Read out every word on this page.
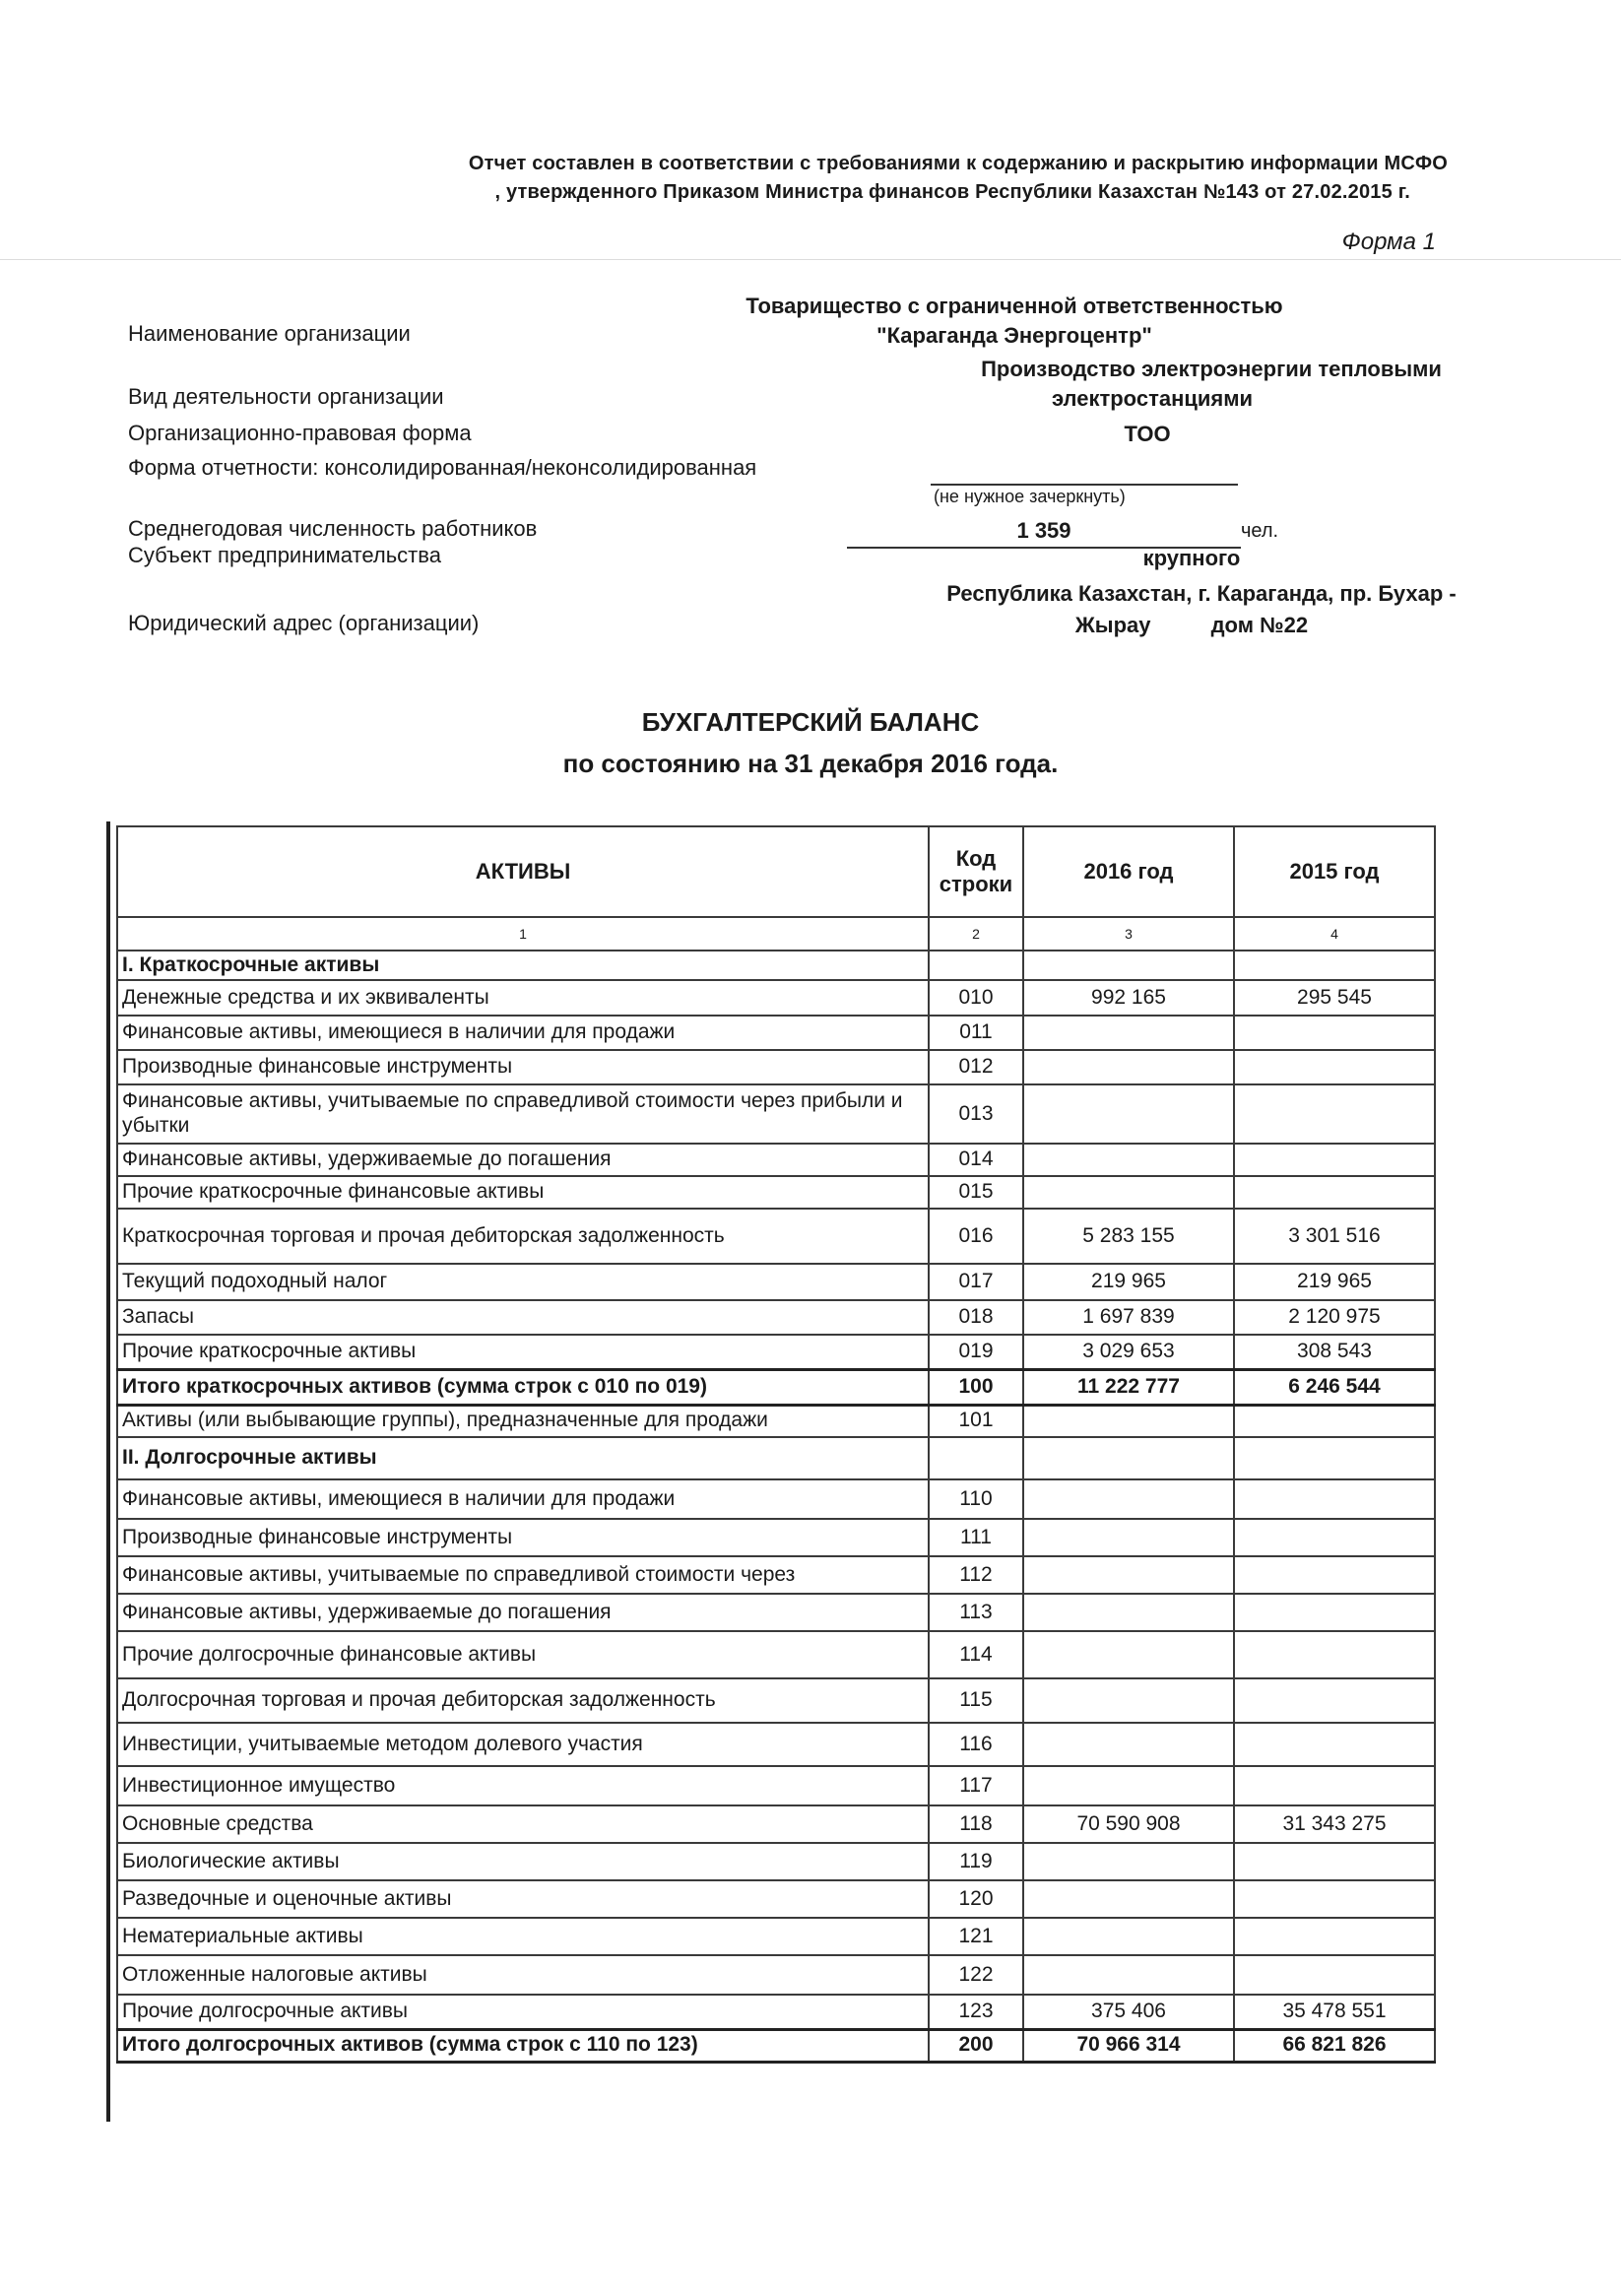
Отчет составлен в соответствии с требованиями к содержанию и раскрытию информации МСФО
, утвержденного Приказом Министра финансов Республики Казахстан №143 от 27.02.2015 г.
Форма 1
Товарищество с ограниченной ответственностью
Наименование организации	"Караганда Энергоцентр"
Производство электроэнергии тепловыми
Вид деятельности организации	электростанциями
Организационно-правовая форма	ТОО
Форма отчетности: консолидированная/неконсолидированная
(не нужное зачеркнуть)
Среднегодовая численность работников	1 359	чел.
Субъект предпринимательства	крупного
Республика Казахстан, г. Караганда, пр. Бухар -
Юридический адрес (организации)	Жырау          дом №22
БУХГАЛТЕРСКИЙ БАЛАНС
по состоянию на 31 декабря 2016 года.
АКТИВЫ	Код строки	2016 год	2015 год
1	2	3	4
I. Краткосрочные активы			
Денежные средства и их эквиваленты	010	992 165	295 545
Финансовые активы, имеющиеся в наличии для продажи	011		
Производные финансовые инструменты	012		
Финансовые активы, учитываемые по справедливой стоимости через прибыли и убытки	013		
Финансовые активы, удерживаемые до погашения	014		
Прочие краткосрочные финансовые активы	015		
Краткосрочная торговая и прочая дебиторская задолженность	016	5 283 155	3 301 516
Текущий подоходный налог	017	219 965	219 965
Запасы	018	1 697 839	2 120 975
Прочие краткосрочные активы	019	3 029 653	308 543
Итого краткосрочных активов (сумма строк с 010 по 019)	100	11 222 777	6 246 544
Активы (или выбывающие группы), предназначенные для продажи	101		
II. Долгосрочные активы			
Финансовые активы, имеющиеся в наличии для продажи	110		
Производные финансовые инструменты	111		
Финансовые активы, учитываемые по справедливой стоимости через	112		
Финансовые активы, удерживаемые до погашения	113		
Прочие долгосрочные финансовые активы	114		
Долгосрочная торговая и прочая дебиторская задолженность	115		
Инвестиции, учитываемые методом долевого участия	116		
Инвестиционное имущество	117		
Основные средства	118	70 590 908	31 343 275
Биологические активы	119		
Разведочные и оценочные активы	120		
Нематериальные активы	121		
Отложенные налоговые активы	122		
Прочие долгосрочные активы	123	375 406	35 478 551
Итого долгосрочных активов (сумма строк с 110 по 123)	200	70 966 314	66 821 826
